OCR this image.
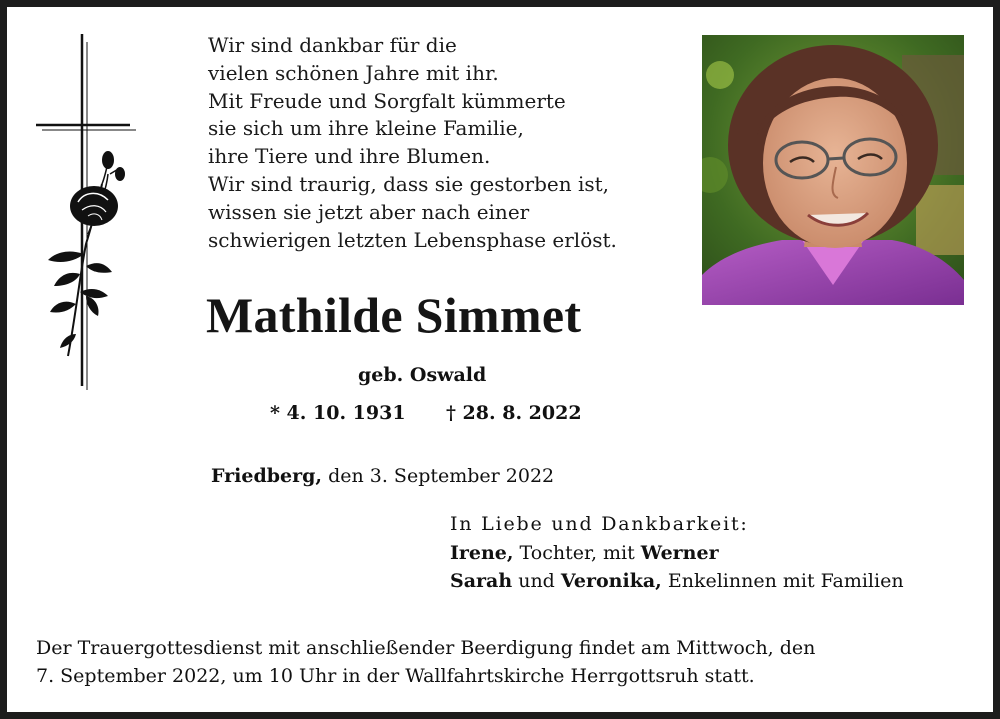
Wir sind dankbar für die
vielen schönen Jahre mit ihr.
Mit Freude und Sorgfalt kümmerte
sie sich um ihre kleine Familie,
ihre Tiere und ihre Blumen.
Wir sind traurig, dass sie gestorben ist,
wissen sie jetzt aber nach einer
schwierigen letzten Lebensphase erlöst.
Mathilde Simmet
geb. Oswald
* 4. 10. 1931 † 28. 8. 2022
Friedberg, den 3. September 2022
In Liebe und Dankbarkeit:
Irene, Tochter, mit Werner
Sarah und Veronika, Enkelinnen mit Familien
Der Trauergottesdienst mit anschließender Beerdigung findet am Mittwoch, den
7. September 2022, um 10 Uhr in der Wallfahrtskirche Herrgottsruh statt.
